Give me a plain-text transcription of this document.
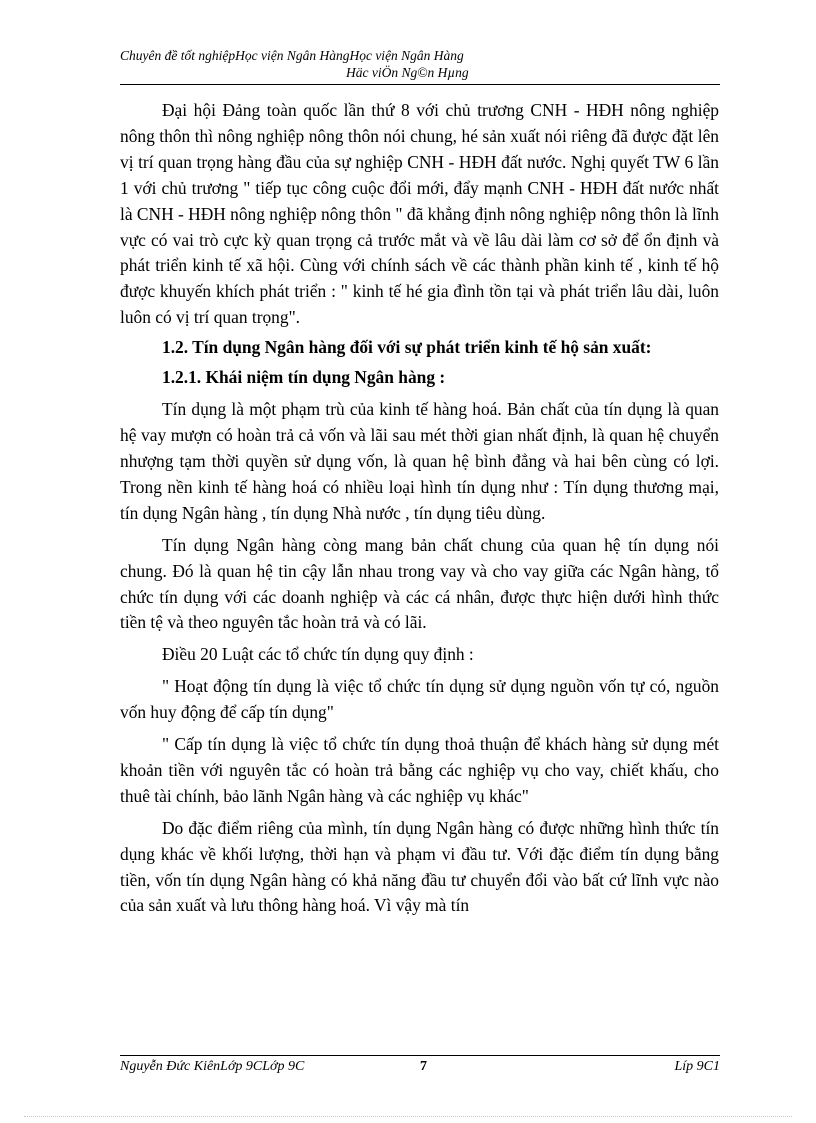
Chuyên đề tốt nghiệpHọc viện Ngân HàngHọc viện Ngân Hàng
Häc viÖn Ng©n Hµng

Đại hội Đảng toàn quốc lần thứ 8 với chủ trương CNH - HĐH nông nghiệp nông thôn thì nông nghiệp nông thôn nói chung, hé sản xuất nói riêng đã được đặt lên vị trí quan trọng hàng đầu của sự nghiệp CNH - HĐH đất nước. Nghị quyết TW 6 lần 1 với chủ trương " tiếp tục công cuộc đổi mới, đẩy mạnh CNH - HĐH đất nước nhất là CNH - HĐH nông nghiệp nông thôn " đã khẳng định nông nghiệp nông thôn là lĩnh vực có vai trò cực kỳ quan trọng cả trước mắt và về lâu dài làm cơ sở để ổn định và phát triển kinh tế xã hội. Cùng với chính sách về các thành phần kinh tế , kinh tế hộ được khuyến khích phát triển : " kinh tế hé gia đình tồn tại và phát triển lâu dài, luôn luôn có vị trí quan trọng".

1.2. Tín dụng Ngân hàng đối với sự phát triển kinh tế hộ sản xuất:
1.2.1. Khái niệm tín dụng Ngân hàng :

Tín dụng là một phạm trù của kinh tế hàng hoá. Bản chất của tín dụng là quan hệ vay mượn có hoàn trả cả vốn và lãi sau mét thời gian nhất định, là quan hệ chuyển nhượng tạm thời quyền sử dụng vốn, là quan hệ bình đẳng và hai bên cùng có lợi. Trong nền kinh tế hàng hoá có nhiều loại hình tín dụng như : Tín dụng thương mại, tín dụng Ngân hàng , tín dụng Nhà nước , tín dụng tiêu dùng.

Tín dụng Ngân hàng còng mang bản chất chung của quan hệ tín dụng nói chung. Đó là quan hệ tin cậy lẫn nhau trong vay và cho vay giữa các Ngân hàng, tổ chức tín dụng với các doanh nghiệp và các cá nhân, được thực hiện dưới hình thức tiền tệ và theo nguyên tắc hoàn trả và có lãi.

Điều 20 Luật các tổ chức tín dụng quy định :

" Hoạt động tín dụng là việc tổ chức tín dụng sử dụng nguồn vốn tự có, nguồn vốn huy động để cấp tín dụng"

" Cấp tín dụng là việc tổ chức tín dụng thoả thuận để khách hàng sử dụng mét khoản tiền với nguyên tắc có hoàn trả bằng các nghiệp vụ cho vay, chiết khấu, cho thuê tài chính, bảo lãnh Ngân hàng và các nghiệp vụ khác"

Do đặc điểm riêng của mình, tín dụng Ngân hàng có được những hình thức tín dụng khác về khối lượng, thời hạn và phạm vi đầu tư. Với đặc điểm tín dụng bằng tiền, vốn tín dụng Ngân hàng có khả năng đầu tư chuyển đổi vào bất cứ lĩnh vực nào của sản xuất và lưu thông hàng hoá. Vì vậy mà tín

Nguyễn Đức KiênLớp 9CLớp 9C	7	Líp 9C1
